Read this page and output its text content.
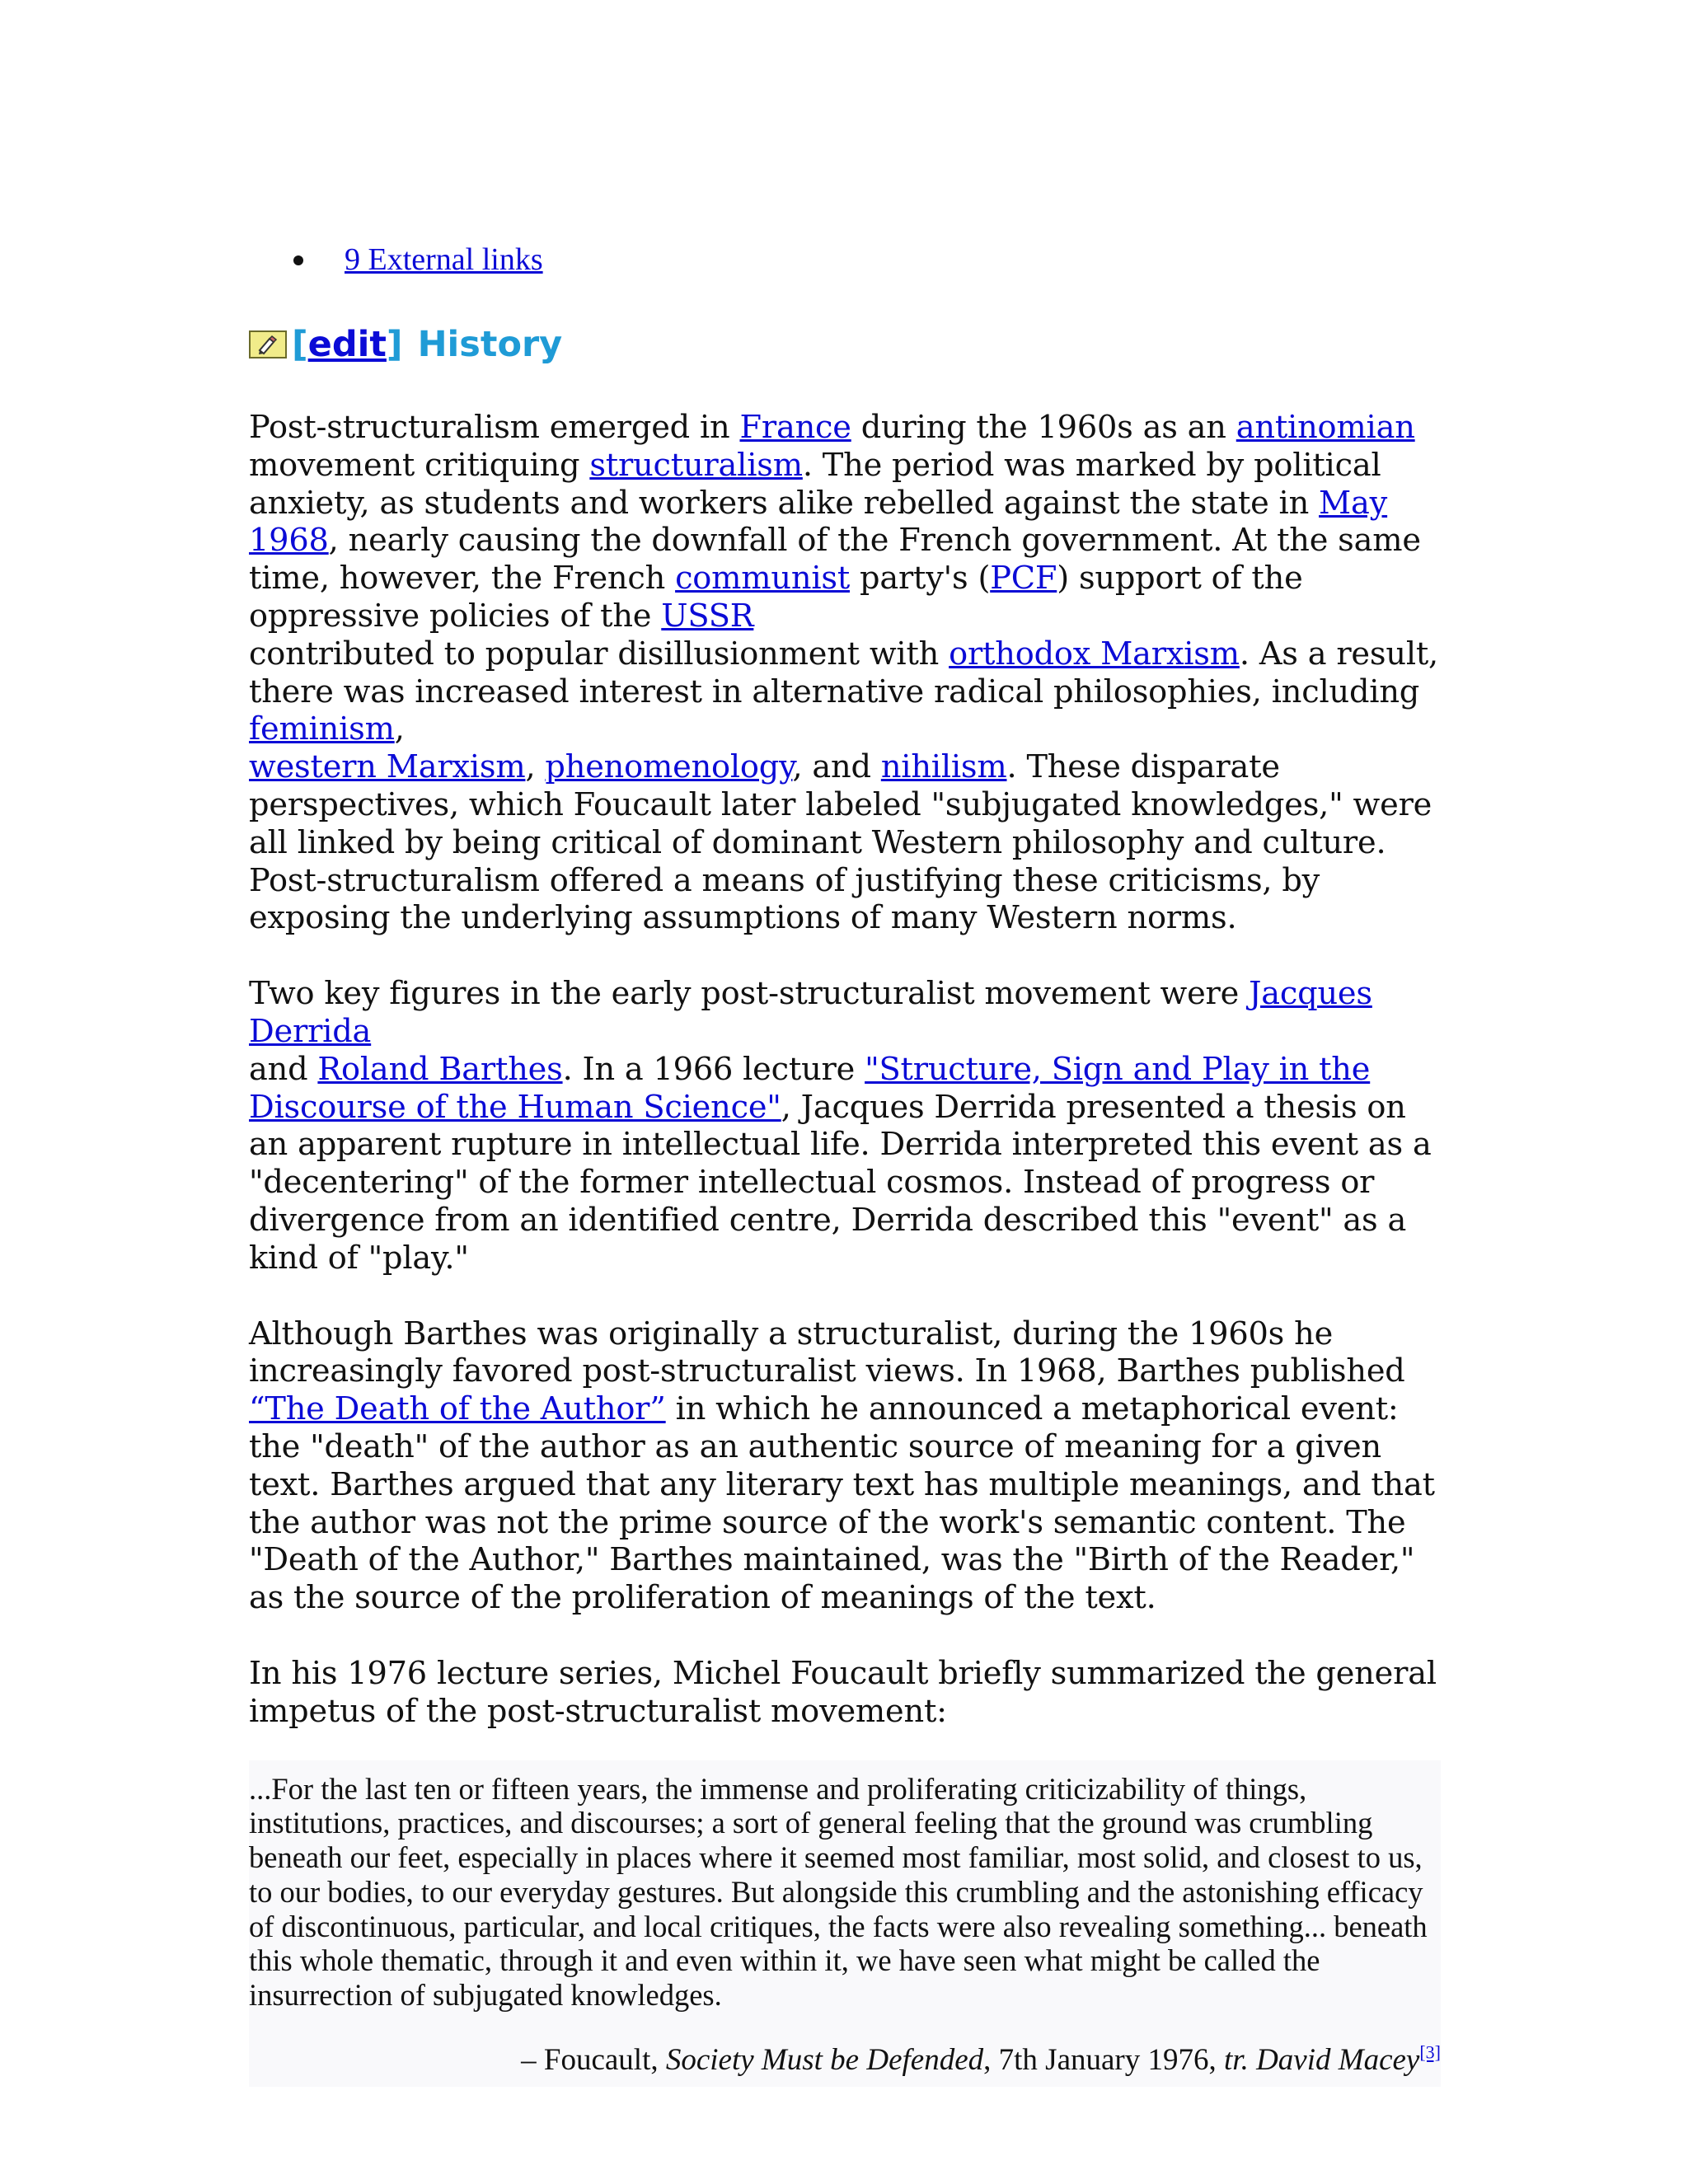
9 External links
[ edit ] History

Post-structuralism emerged in France during the 1960s as an antinomian
movement critiquing structuralism. The period was marked by political anxiety, as students and workers alike rebelled against the state in May 1968, nearly causing the downfall of the French government. At the same time, however, the French communist party's (PCF) support of the oppressive policies of the USSR
contributed to popular disillusionment with orthodox Marxism. As a result, there was increased interest in alternative radical philosophies, including feminism,
western Marxism, phenomenology, and nihilism. These disparate perspectives, which Foucault later labeled "subjugated knowledges," were all linked by being critical of dominant Western philosophy and culture. Post-structuralism offered a means of justifying these criticisms, by exposing the underlying assumptions of many Western norms.

Two key figures in the early post-structuralist movement were Jacques Derrida
and Roland Barthes. In a 1966 lecture "Structure, Sign and Play in the Discourse of the Human Science", Jacques Derrida presented a thesis on an apparent rupture in intellectual life. Derrida interpreted this event as a "decentering" of the former intellectual cosmos. Instead of progress or divergence from an identified centre, Derrida described this "event" as a kind of "play."

Although Barthes was originally a structuralist, during the 1960s he increasingly favored post-structuralist views. In 1968, Barthes published “The Death of the Author” in which he announced a metaphorical event: the "death" of the author as an authentic source of meaning for a given text. Barthes argued that any literary text has multiple meanings, and that the author was not the prime source of the work's semantic content. The "Death of the Author," Barthes maintained, was the "Birth of the Reader," as the source of the proliferation of meanings of the text.

In his 1976 lecture series, Michel Foucault briefly summarized the general impetus of the post-structuralist movement:

...For the last ten or fifteen years, the immense and proliferating criticizability of things, institutions, practices, and discourses; a sort of general feeling that the ground was crumbling beneath our feet, especially in places where it seemed most familiar, most solid, and closest to us, to our bodies, to our everyday gestures. But alongside this crumbling and the astonishing efficacy of discontinuous, particular, and local critiques, the facts were also revealing something... beneath this whole thematic, through it and even within it, we have seen what might be called the insurrection of subjugated knowledges.

– Foucault, Society Must be Defended, 7th January 1976, tr. David Macey[3]
